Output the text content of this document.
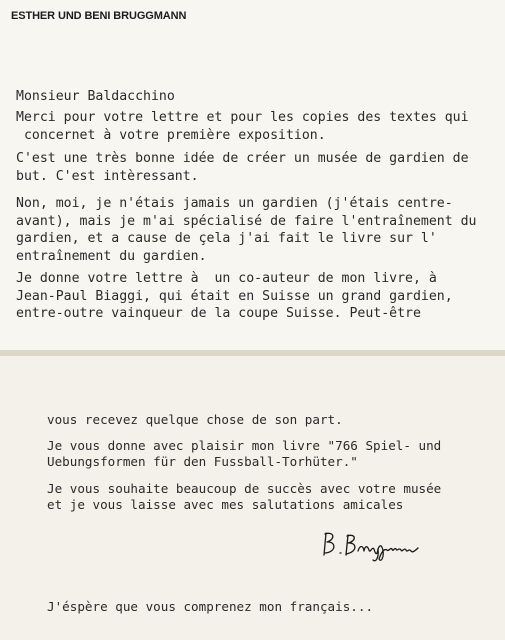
ESTHER UND BENI BRUGGMANN

Monsieur Baldacchino

Merci pour votre lettre et pour les copies des textes qui
concernet à votre première exposition.

C'est une très bonne idée de créer un musée de gardien de
but. C'est intèressant.

Non, moi, je n'étais jamais un gardien (j'étais centre-
avant), mais je m'ai spécialisé de faire l'entraînement du
gardien, et a cause de çela j'ai fait le livre sur l'
entraînement du gardien.

Je donne votre lettre à  un co-auteur de mon livre, à
Jean-Paul Biaggi, qui était en Suisse un grand gardien,
entre-outre vainqueur de la coupe Suisse. Peut-être

vous recevez quelque chose de son part.

Je vous donne avec plaisir mon livre "766 Spiel- und
Uebungsformen für den Fussball-Torhüter."

Je vous souhaite beaucoup de succès avec votre musée
et je vous laisse avec mes salutations amicales

J'éspère que vous comprenez mon français...
